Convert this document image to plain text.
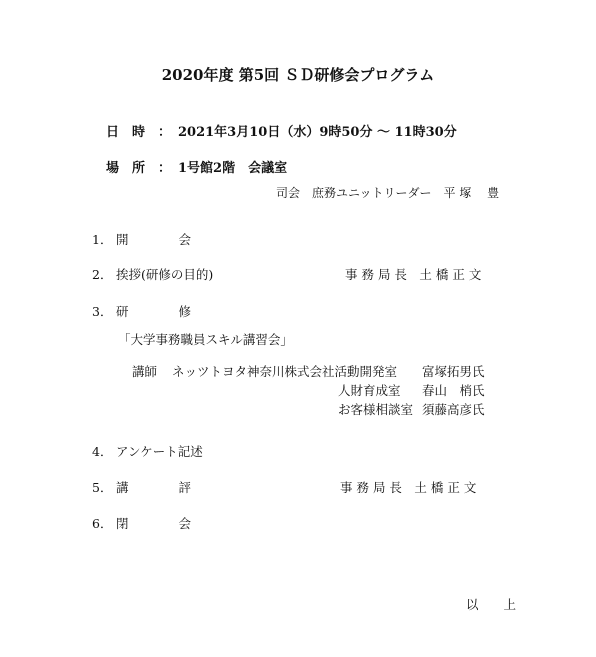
2020年度 第5回 ＳＤ研修会プログラム
日　時　： 2021年3月10日（水）9時50分 〜 11時30分
場　所　： 1号館2階　会議室
司会　庶務ユニットリーダー　平 塚　 豊
1． 開　　　　会
2． 挨拶(研修の目的)	事 務 局 長　土 橋 正 文
3． 研　　　　修
「大学事務職員スキル講習会」
講師 ネッツトヨタ神奈川株式会社活動開発室 富塚拓男氏
人財育成室 春山　梢氏
お客様相談室 須藤高彦氏
4． アンケート記述
5． 講　　　　評	事 務 局 長　土 橋 正 文
6． 閉　　　　会
以　　上
